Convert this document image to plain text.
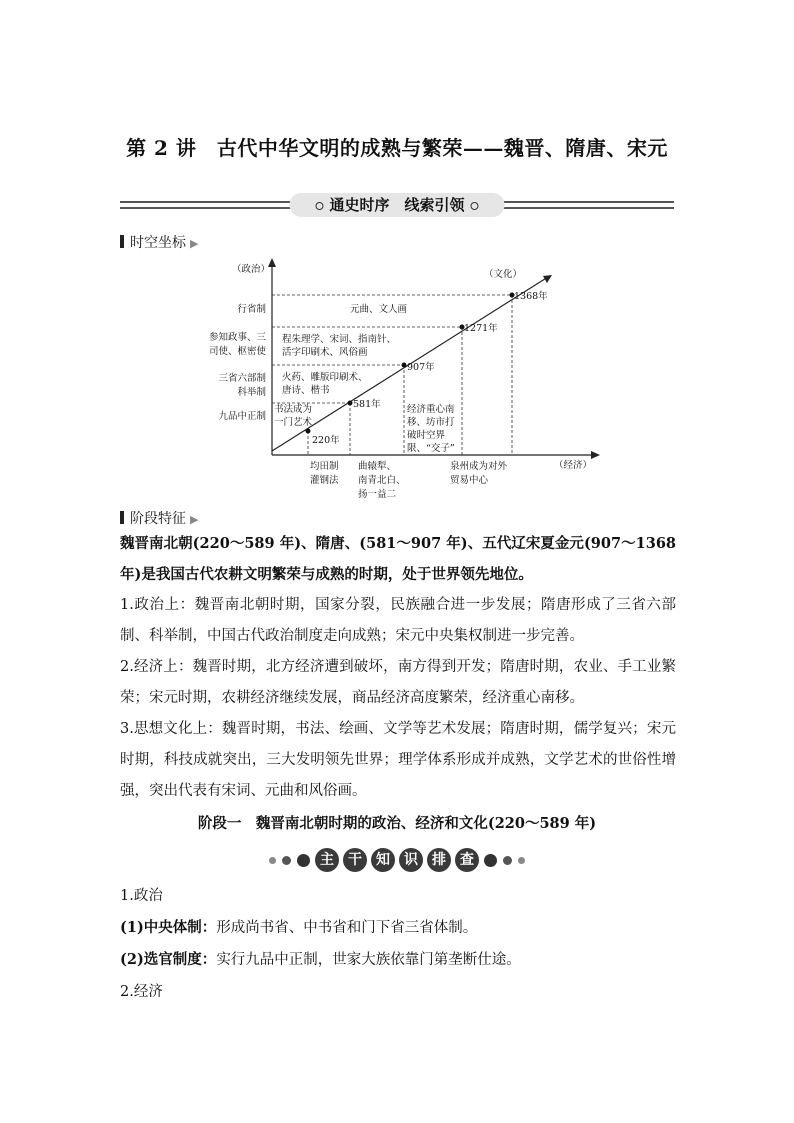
第 2 讲　古代中华文明的成熟与繁荣——魏晋、隋唐、宋元
通史时序　线索引领
时空坐标 ▶
（政治）
（经济）
（文化）
行省制
参知政事、三
司使、枢密使
三省六部制
科举制
九品中正制
220年
581年
907年
1271年
1368年
元曲、文人画
程朱理学、宋词、指南针、
活字印刷术、风俗画
火药、雕版印刷术、
唐诗、楷书
书法成为
一门艺术
经济重心南
移、坊市打
破时空界
限、“交子”
均田制
灌钢法
曲辕犁、
南青北白、
扬一益二
泉州成为对外
贸易中心
阶段特征 ▶

魏晋南北朝(220～589 年)、隋唐、(581～907 年)、五代辽宋夏金元(907～1368 年)是我国古代农耕文明繁荣与成熟的时期，处于世界领先地位。

1.政治上：魏晋南北朝时期，国家分裂，民族融合进一步发展；隋唐形成了三省六部制、科举制，中国古代政治制度走向成熟；宋元中央集权制进一步完善。

2.经济上：魏晋时期，北方经济遭到破坏，南方得到开发；隋唐时期，农业、手工业繁荣；宋元时期，农耕经济继续发展，商品经济高度繁荣，经济重心南移。

3.思想文化上：魏晋时期，书法、绘画、文学等艺术发展；隋唐时期，儒学复兴；宋元时期，科技成就突出，三大发明领先世界；理学体系形成并成熟，文学艺术的世俗性增强，突出代表有宋词、元曲和风俗画。

阶段一　魏晋南北朝时期的政治、经济和文化(220～589 年)
主 干 知 识 排 查

1.政治

(1)中央体制：形成尚书省、中书省和门下省三省体制。

(2)选官制度：实行九品中正制，世家大族依靠门第垄断仕途。

2.经济
